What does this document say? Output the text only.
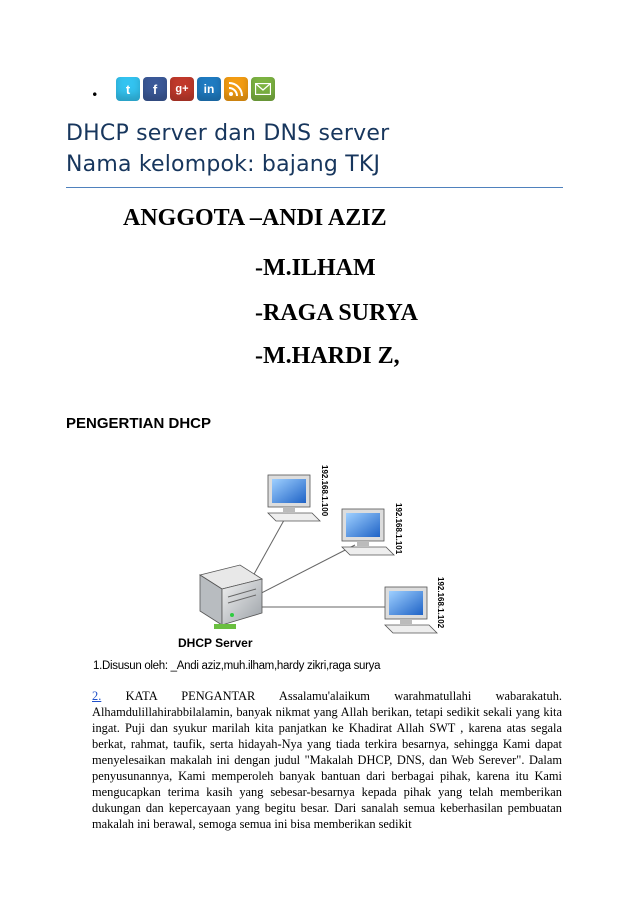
.	t	f	g+	in
DHCP server dan DNS server
Nama kelompok: bajang TKJ
ANGGOTA –ANDI AZIZ
-M.ILHAM
-RAGA SURYA
-M.HARDI Z,
PENGERTIAN DHCP
DHCP Server
192.168.1.100
192.168.1.101
192.168.1.102
1.Disusun oleh: _Andi aziz,muh.ilham,hardy zikri,raga surya
2. KATA PENGANTAR Assalamu'alaikum warahmatullahi wabarakatuh. Alhamdulillahirabbilalamin, banyak nikmat yang Allah berikan, tetapi sedikit sekali yang kita ingat. Puji dan syukur marilah kita panjatkan ke Khadirat Allah SWT , karena atas segala berkat, rahmat, taufik, serta hidayah-Nya yang tiada terkira besarnya, sehingga Kami dapat menyelesaikan makalah ini dengan judul "Makalah DHCP, DNS, dan Web Serever". Dalam penyusunannya, Kami memperoleh banyak bantuan dari berbagai pihak, karena itu Kami mengucapkan terima kasih yang sebesar-besarnya kepada pihak yang telah memberikan dukungan dan kepercayaan yang begitu besar. Dari sanalah semua keberhasilan pembuatan makalah ini berawal, semoga semua ini bisa memberikan sedikit
